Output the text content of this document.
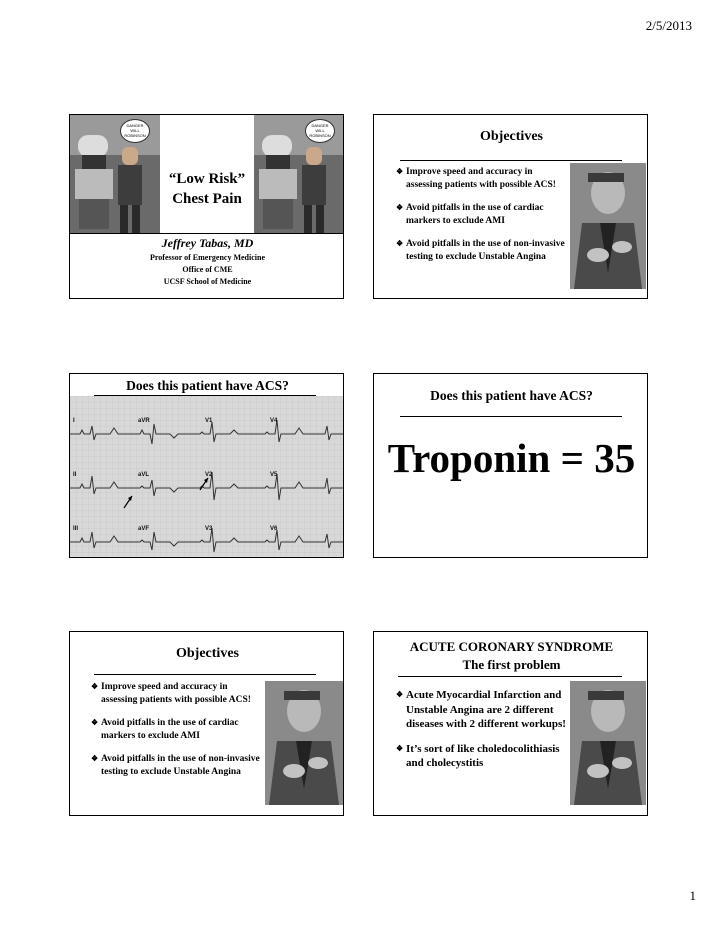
2/5/2013
DANGER
WILL
ROBINSON
DANGER
WILL
ROBINSON
“Low Risk”
Chest Pain
Jeffrey Tabas, MD
Professor of Emergency Medicine
Office of CME
UCSF School of Medicine
Objectives
❖ Improve speed and accuracy in assessing patients with possible ACS!
❖ Avoid pitfalls in the use of cardiac markers to exclude AMI
❖ Avoid pitfalls in the use of non-invasive testing to exclude Unstable Angina
Does this patient have ACS?
I	aVR	V1	V4
II	aVL	V2	V5
III	aVF	V3	V6
Does this patient have ACS?
Troponin = 35
Objectives
❖ Improve speed and accuracy in assessing patients with possible ACS!
❖ Avoid pitfalls in the use of cardiac markers to exclude AMI
❖ Avoid pitfalls in the use of non-invasive testing to exclude Unstable Angina
ACUTE CORONARY SYNDROME
The first problem
❖ Acute Myocardial Infarction and Unstable Angina are 2 different diseases with 2 different workups!
❖ It’s sort of like choledocolithiasis and cholecystitis
1
